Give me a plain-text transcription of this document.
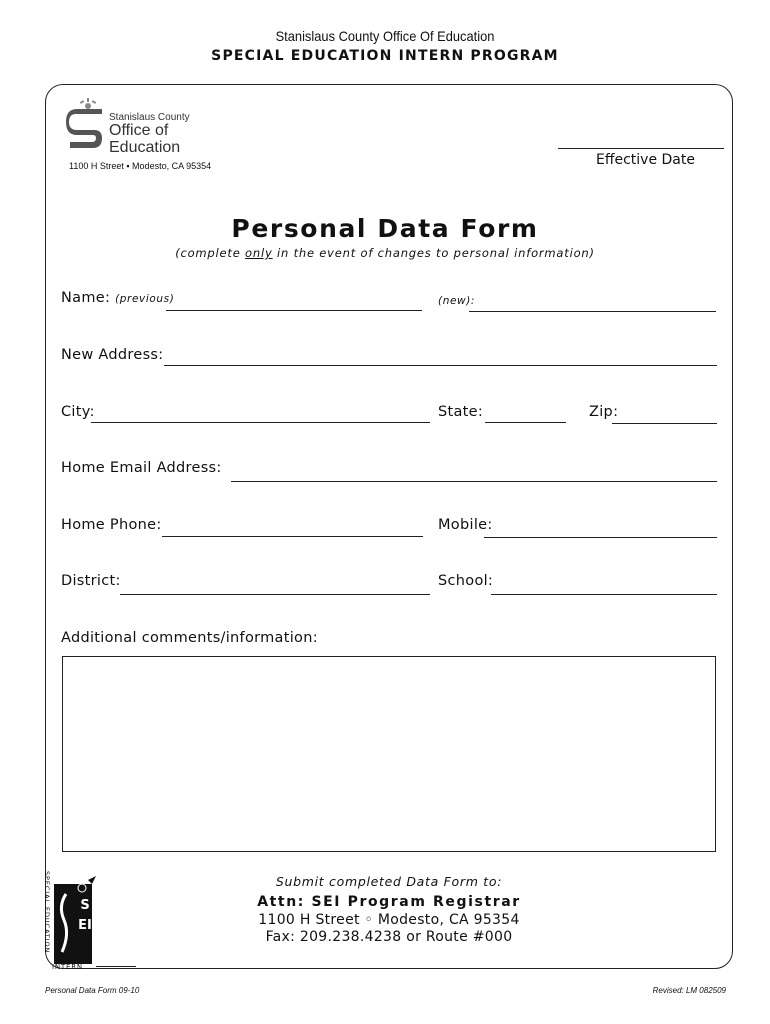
Stanislaus County Office Of Education
SPECIAL EDUCATION INTERN PROGRAM
Stanislaus County
Office of
Education
1100 H Street ▪ Modesto, CA 95354	Effective Date
Personal Data Form
(complete only in the event of changes to personal information)
Name: (previous)	(new):
New Address:
City:	State:	Zip:
Home Email Address:
Home Phone:	Mobile:
District:	School:
Additional comments/information:
Submit completed Data Form to:
Attn: SEI Program Registrar
1100 H Street ◦ Modesto, CA 95354
Fax: 209.238.4238 or Route #000
SPECIAL EDUCATION SEI
INTERN
Personal Data Form 09-10	Revised: LM 082509
